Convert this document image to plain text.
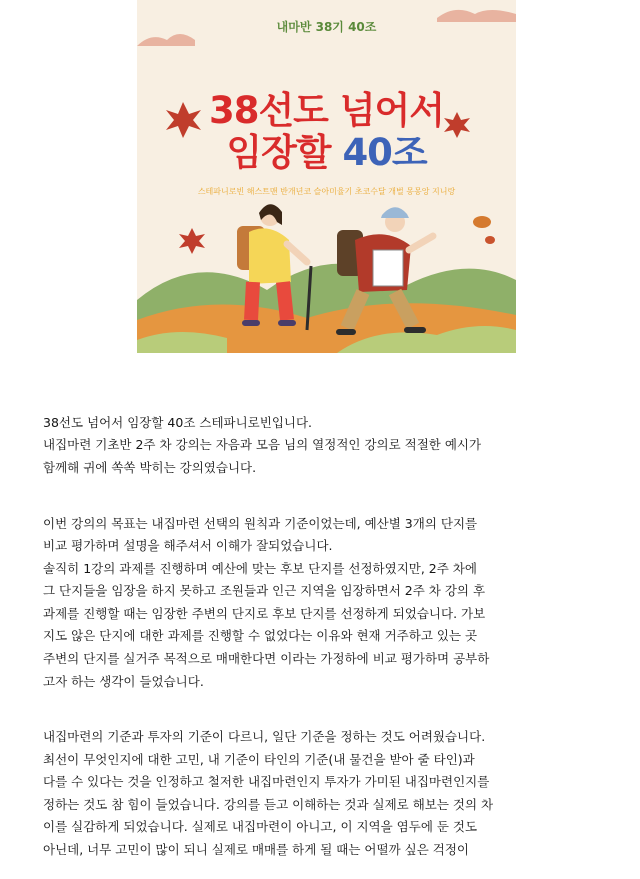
내마반 38기 40조
38선도 넘어서
임장할 40조
스테파니로빈 해스트맨 반개년코 슬아미율기 초코수달 개벌 몽몽앙 지니랑

38선도 넘어서 임장할 40조 스테파니로빈입니다.

내집마련 기초반 2주 차 강의는 자음과 모음 님의 열정적인 강의로 적절한 예시가

함께해 귀에 쏙쏙 박히는 강의였습니다.

이번 강의의 목표는 내집마련 선택의 원칙과 기준이었는데, 예산별 3개의 단지를

비교 평가하며 설명을 해주셔서 이해가 잘되었습니다.

솔직히 1강의 과제를 진행하며 예산에 맞는 후보 단지를 선정하였지만, 2주 차에

그 단지들을 임장을 하지 못하고 조원들과 인근 지역을 임장하면서 2주 차 강의 후

과제를 진행할 때는 임장한 주변의 단지로 후보 단지를 선정하게 되었습니다. 가보

지도 않은 단지에 대한 과제를 진행할 수 없었다는 이유와 현재 거주하고 있는 곳

주변의 단지를 실거주 목적으로 매매한다면 이라는 가정하에 비교 평가하며 공부하

고자 하는 생각이 들었습니다.

내집마련의 기준과 투자의 기준이 다르니, 일단 기준을 정하는 것도 어려웠습니다.

최선이 무엇인지에 대한 고민, 내 기준이 타인의 기준(내 물건을 받아 줄 타인)과

다를 수 있다는 것을 인정하고 철저한 내집마련인지 투자가 가미된 내집마련인지를

정하는 것도 참 힘이 들었습니다. 강의를 듣고 이해하는 것과 실제로 해보는 것의 차

이를 실감하게 되었습니다. 실제로 내집마련이 아니고, 이 지역을 염두에 둔 것도

아닌데, 너무 고민이 많이 되니 실제로 매매를 하게 될 때는 어떨까 싶은 걱정이
